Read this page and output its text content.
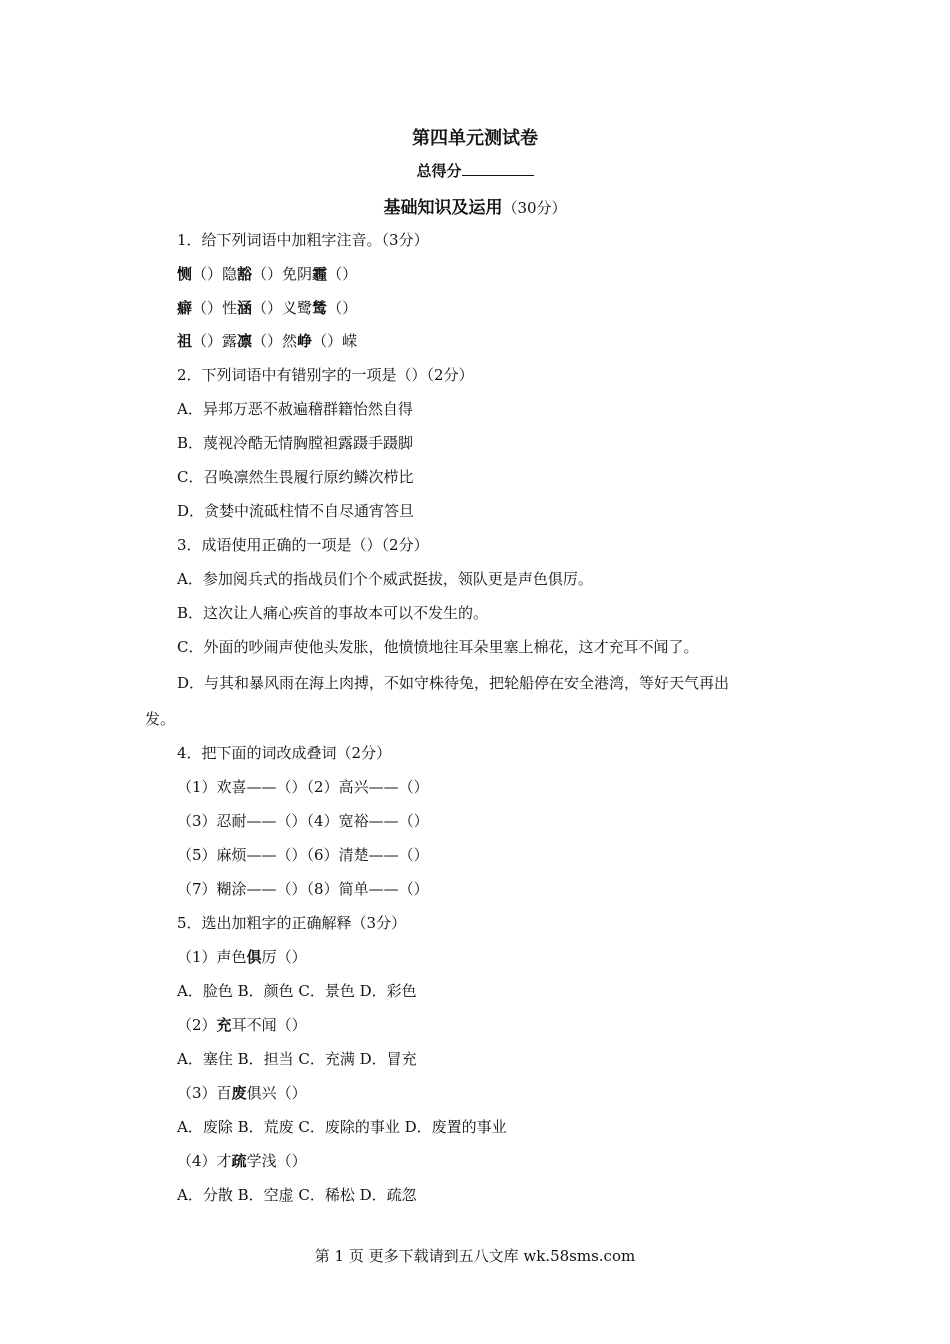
第四单元测试卷
总得分
基础知识及运用（30分）
1．给下列词语中加粗字注音。（3分）
恻（）隐豁（）免阴霾（）
癖（）性涵（）义鹭鸶（）
祖（）露凛（）然峥（）嵘
2．下列词语中有错别字的一项是（）（2分）
A．异邦万恶不赦遍稽群籍怡然自得
B．蔑视冷酷无情胸膛袒露蹑手蹑脚
C．召唤凛然生畏履行原约鳞次栉比
D．贪婪中流砥柱情不自尽通宵答旦
3．成语使用正确的一项是（）（2分）
A．参加阅兵式的指战员们个个威武挺拔，领队更是声色俱厉。
B．这次让人痛心疾首的事故本可以不发生的。
C．外面的吵闹声使他头发胀，他愤愤地往耳朵里塞上棉花，这才充耳不闻了。
D．与其和暴风雨在海上肉搏，不如守株待兔，把轮船停在安全港湾，等好天气再出
发。
4．把下面的词改成叠词（2分）
（1）欢喜——（）（2）高兴——（）
（3）忍耐——（）（4）宽裕——（）
（5）麻烦——（）（6）清楚——（）
（7）糊涂——（）（8）简单——（）
5．选出加粗字的正确解释（3分）
（1）声色俱厉（）
A．脸色 B．颜色 C．景色 D．彩色
（2）充耳不闻（）
A．塞住 B．担当 C．充满 D．冒充
（3）百废俱兴（）
A．废除 B．荒废 C．废除的事业 D．废置的事业
（4）才疏学浅（）
A．分散 B．空虚 C．稀松 D．疏忽
第 1 页 更多下载请到五八文库 wk.58sms.com
